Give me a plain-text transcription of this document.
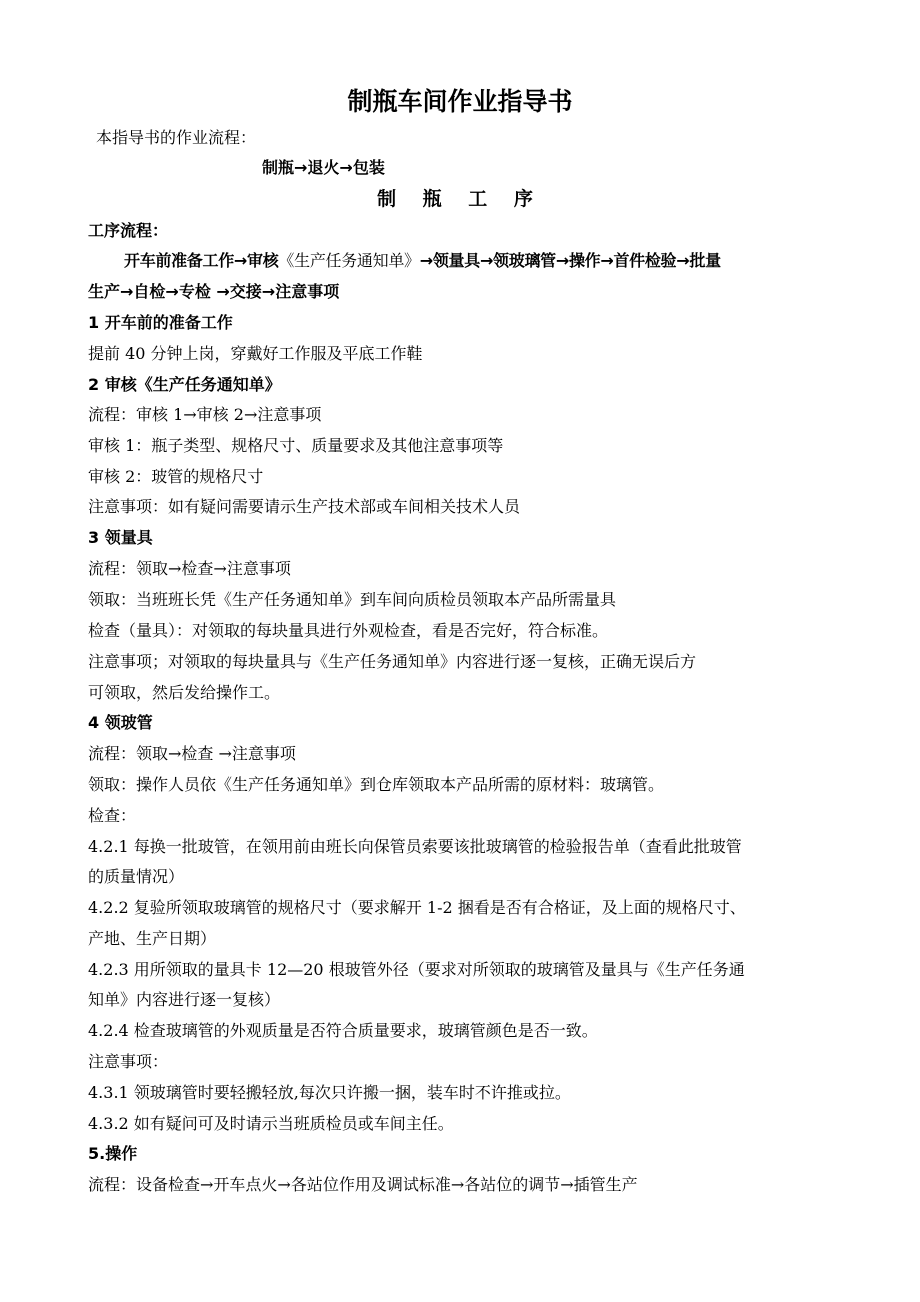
制瓶车间作业指导书
本指导书的作业流程：
制瓶→退火→包装
制 瓶 工 序
工序流程：
开车前准备工作→审核《生产任务通知单》→领量具→领玻璃管→操作→首件检验→批量
生产→自检→专检 →交接→注意事项
1 开车前的准备工作
提前 40 分钟上岗，穿戴好工作服及平底工作鞋
2 审核《生产任务通知单》
流程：审核 1→审核 2→注意事项
审核 1：瓶子类型、规格尺寸、质量要求及其他注意事项等
审核 2：玻管的规格尺寸
注意事项：如有疑问需要请示生产技术部或车间相关技术人员
3 领量具
流程：领取→检查→注意事项
领取：当班班长凭《生产任务通知单》到车间向质检员领取本产品所需量具
检查（量具）：对领取的每块量具进行外观检查，看是否完好，符合标准。
注意事项；对领取的每块量具与《生产任务通知单》内容进行逐一复核，正确无误后方
可领取，然后发给操作工。
4 领玻管
流程：领取→检查 →注意事项
领取：操作人员依《生产任务通知单》到仓库领取本产品所需的原材料：玻璃管。
检查：
4.2.1 每换一批玻管，在领用前由班长向保管员索要该批玻璃管的检验报告单（查看此批玻管
的质量情况）
4.2.2 复验所领取玻璃管的规格尺寸（要求解开 1-2 捆看是否有合格证，及上面的规格尺寸、
产地、生产日期）
4.2.3 用所领取的量具卡 12—20 根玻管外径（要求对所领取的玻璃管及量具与《生产任务通
知单》内容进行逐一复核）
4.2.4 检查玻璃管的外观质量是否符合质量要求，玻璃管颜色是否一致。
注意事项：
4.3.1 领玻璃管时要轻搬轻放,每次只许搬一捆，装车时不许推或拉。
4.3.2 如有疑问可及时请示当班质检员或车间主任。
5.操作
流程：设备检查→开车点火→各站位作用及调试标准→各站位的调节→插管生产
